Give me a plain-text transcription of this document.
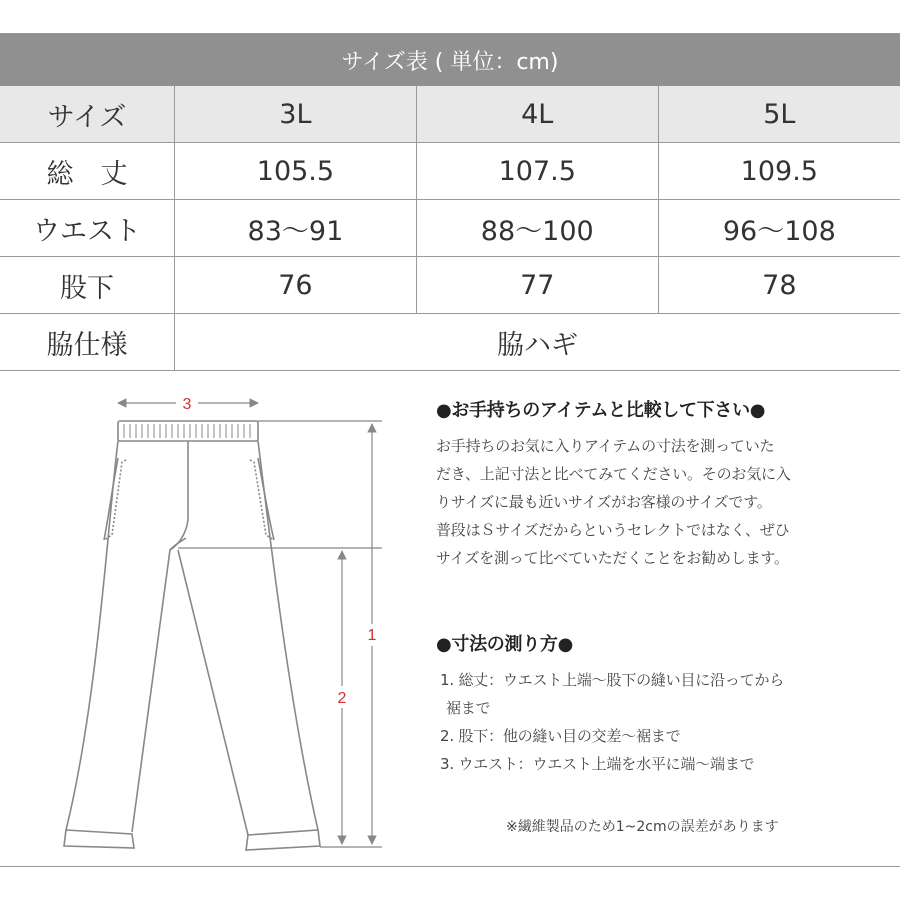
サイズ表 ( 単位：cm)
サイズ	3L	4L	5L
総　丈	105.5	107.5	109.5
ウエスト	83〜91	88〜100	96〜108
股下	76	77	78
脇仕様	脇ハギ		
3
1
2
●お手持ちのアイテムと比較して下さい●

お手持ちのお気に入りアイテムの寸法を測っていた
だき、上記寸法と比べてみてください。そのお気に入
りサイズに最も近いサイズがお客様のサイズです。
普段はＳサイズだからというセレクトではなく、ぜひ
サイズを測って比べていただくことをお勧めします。

●寸法の測り方●
1. 総丈：ウエスト上端〜股下の縫い目に沿ってから
裾まで
2. 股下：他の縫い目の交差〜裾まで
3. ウエスト：ウエスト上端を水平に端〜端まで
※繊維製品のため1~2cmの誤差があります
